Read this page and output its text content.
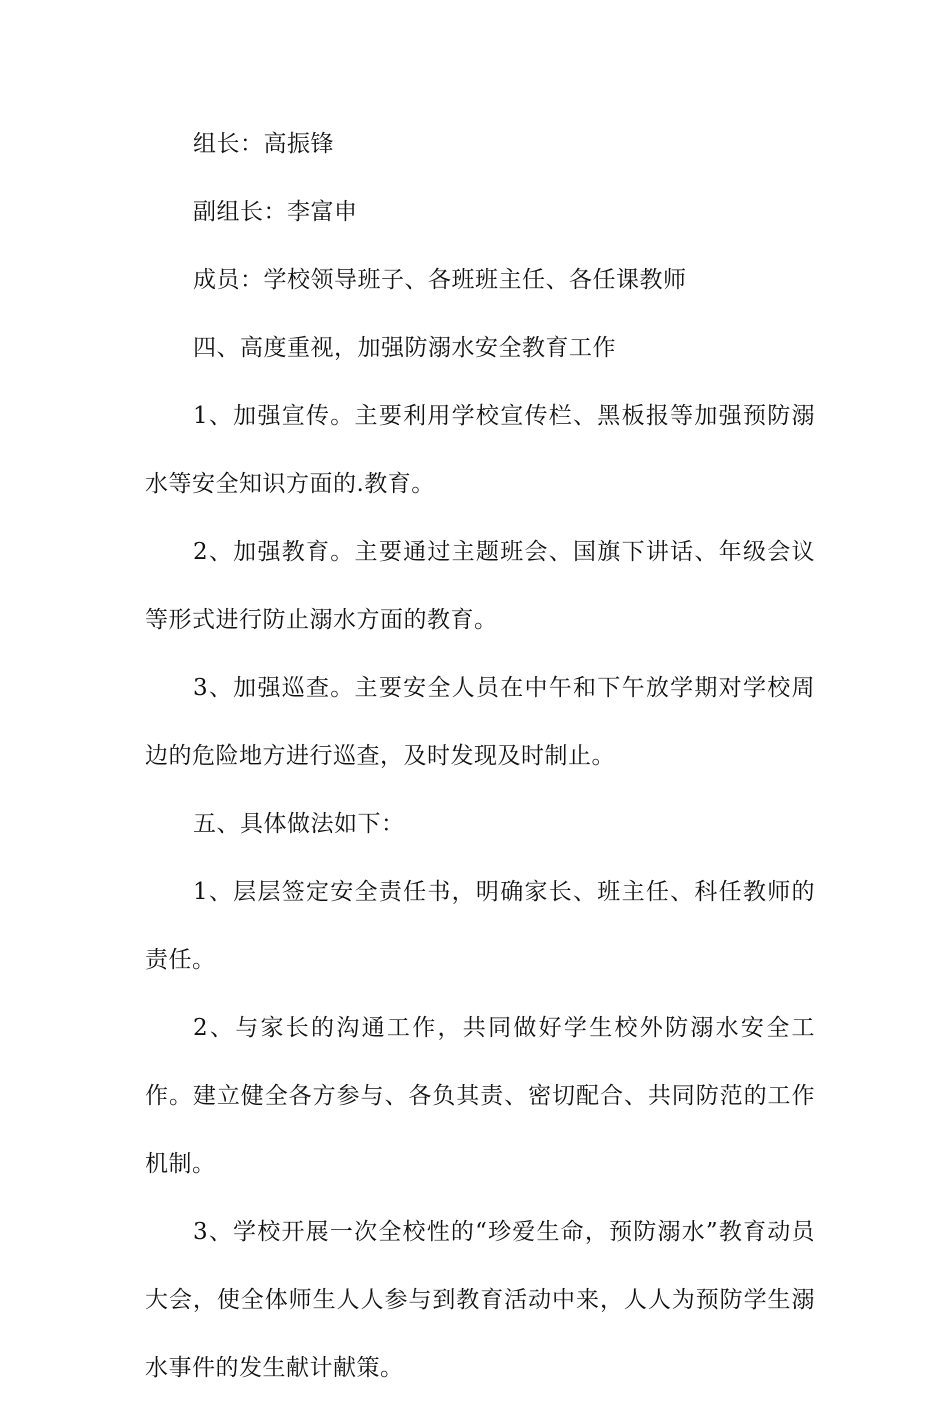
组长：高振锋

副组长：李富申

成员：学校领导班子、各班班主任、各任课教师

四、高度重视，加强防溺水安全教育工作

1、加强宣传。主要利用学校宣传栏、黑板报等加强预防溺水等安全知识方面的.教育。

2、加强教育。主要通过主题班会、国旗下讲话、年级会议等形式进行防止溺水方面的教育。

3、加强巡查。主要安全人员在中午和下午放学期对学校周边的危险地方进行巡查，及时发现及时制止。

五、具体做法如下：

1、层层签定安全责任书，明确家长、班主任、科任教师的责任。

2、与家长的沟通工作，共同做好学生校外防溺水安全工作。建立健全各方参与、各负其责、密切配合、共同防范的工作机制。

3、学校开展一次全校性的“珍爱生命，预防溺水”教育动员大会，使全体师生人人参与到教育活动中来，人人为预防学生溺水事件的发生献计献策。
